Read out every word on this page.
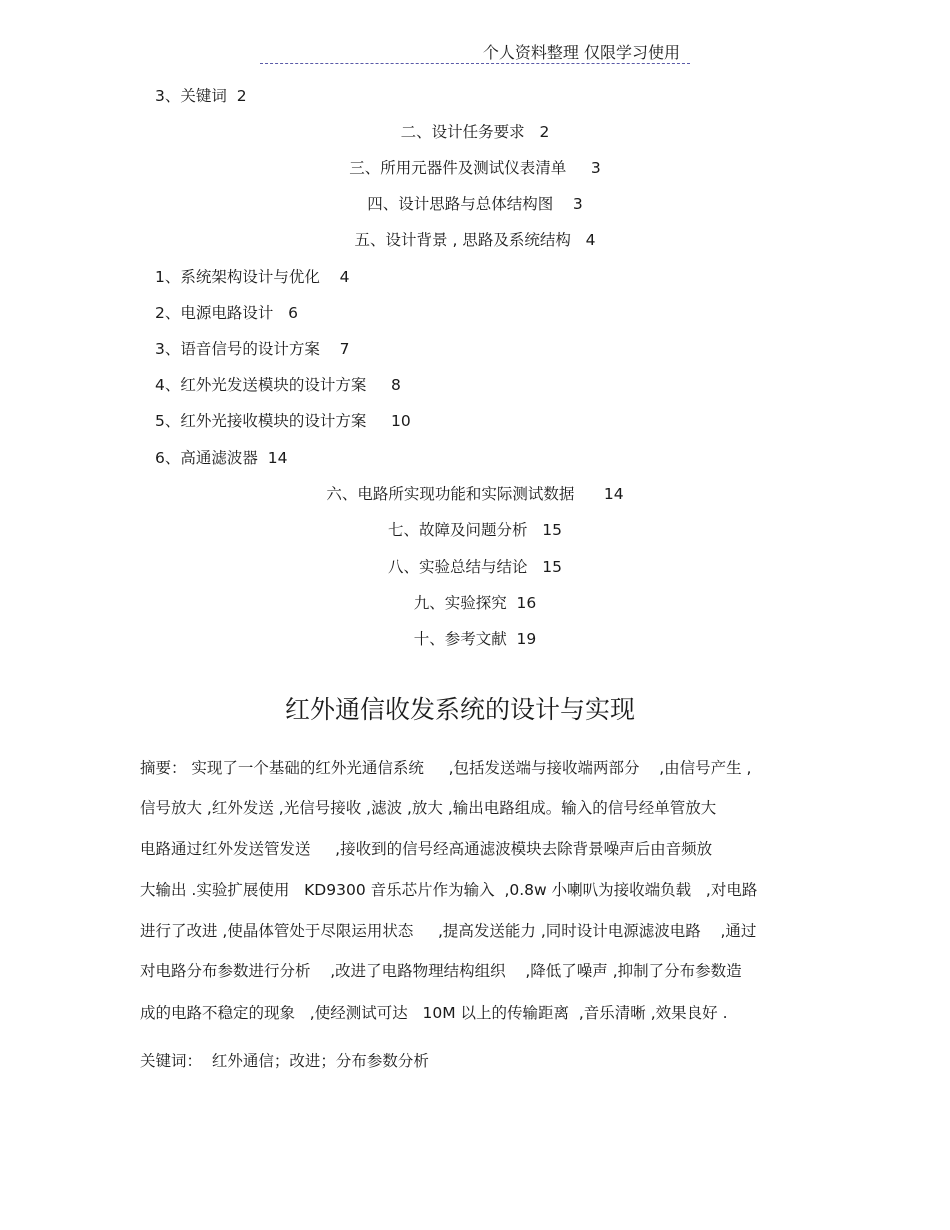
个人资料整理 仅限学习使用
3、关键词  2
二、设计任务要求   2
三、所用元器件及测试仪表清单     3
四、设计思路与总体结构图    3
五、设计背景 , 思路及系统结构   4
1、系统架构设计与优化    4
2、电源电路设计   6
3、语音信号的设计方案    7
4、红外光发送模块的设计方案     8
5、红外光接收模块的设计方案     10
6、高通滤波器  14
六、电路所实现功能和实际测试数据      14
七、故障及问题分析   15
八、实验总结与结论   15
九、实验探究  16
十、参考文献  19
红外通信收发系统的设计与实现
摘要： 实现了一个基础的红外光通信系统     ,包括发送端与接收端两部分    ,由信号产生 ,
信号放大 ,红外发送 ,光信号接收 ,滤波 ,放大 ,输出电路组成。输入的信号经单管放大
电路通过红外发送管发送     ,接收到的信号经高通滤波模块去除背景噪声后由音频放
大输出 .实验扩展使用   KD9300 音乐芯片作为输入  ,0.8w 小喇叭为接收端负载   ,对电路
进行了改进 ,使晶体管处于尽限运用状态     ,提高发送能力 ,同时设计电源滤波电路    ,通过
对电路分布参数进行分析    ,改进了电路物理结构组织    ,降低了噪声 ,抑制了分布参数造
成的电路不稳定的现象   ,使经测试可达   10M 以上的传输距离  ,音乐清晰 ,效果良好 .
关键词：  红外通信；改进；分布参数分析
